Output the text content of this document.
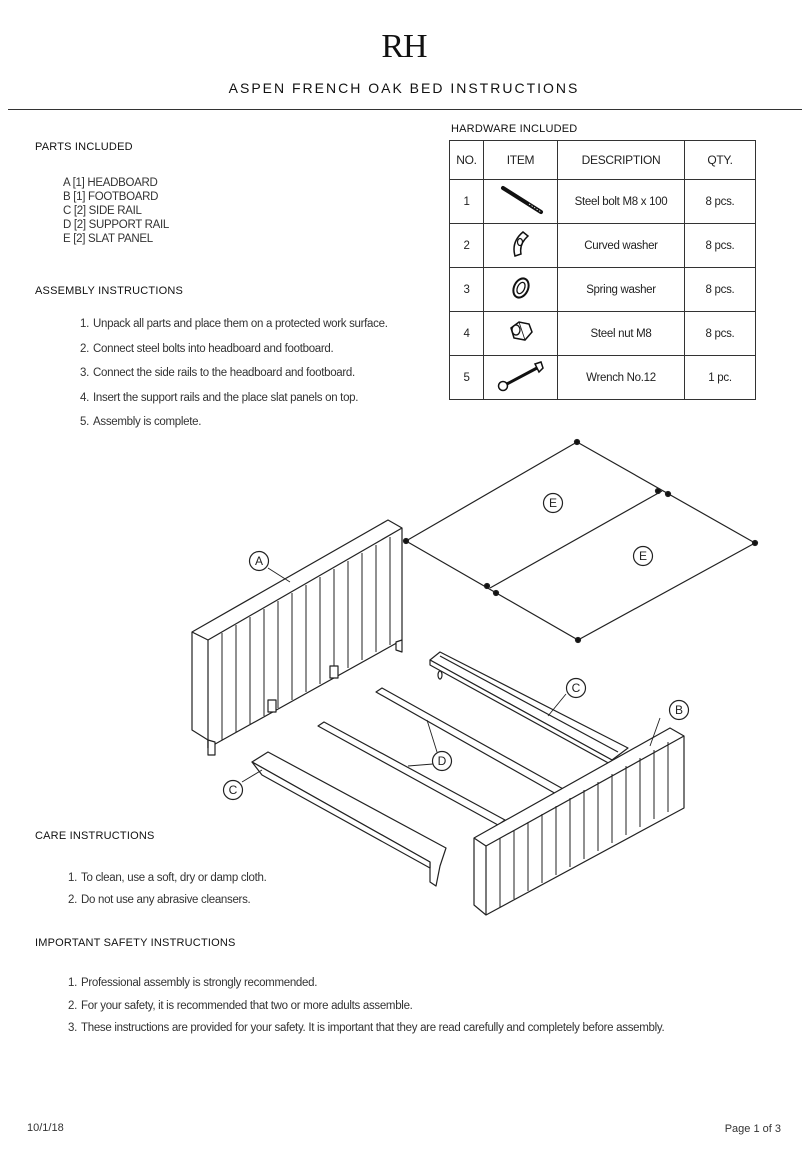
RH
ASPEN FRENCH OAK BED INSTRUCTIONS
PARTS INCLUDED
A [1] HEADBOARD
B [1] FOOTBOARD
C [2] SIDE RAIL
D [2] SUPPORT RAIL
E [2] SLAT PANEL
ASSEMBLY INSTRUCTIONS
1. Unpack all parts and place them on a protected work surface.
2. Connect steel bolts into headboard and footboard.
3. Connect the side rails to the headboard and footboard.
4. Insert the support rails and the place slat panels on top.
5. Assembly is complete.
HARDWARE INCLUDED
NO.	ITEM	DESCRIPTION	QTY.
1		Steel bolt M8 x 100	8 pcs.
2		Curved washer	8 pcs.
3		Spring washer	8 pcs.
4		Steel nut M8	8 pcs.
5		Wrench No.12	1 pc.
A
B
C
C
D
E
E
CARE INSTRUCTIONS
1. To clean, use a soft, dry or damp cloth.
2. Do not use any abrasive cleansers.
IMPORTANT SAFETY INSTRUCTIONS
1. Professional assembly is strongly recommended.
2. For your safety, it is recommended that two or more adults assemble.
3. These instructions are provided for your safety. It is important that they are read carefully and completely before assembly.
10/1/18	Page 1 of 3
